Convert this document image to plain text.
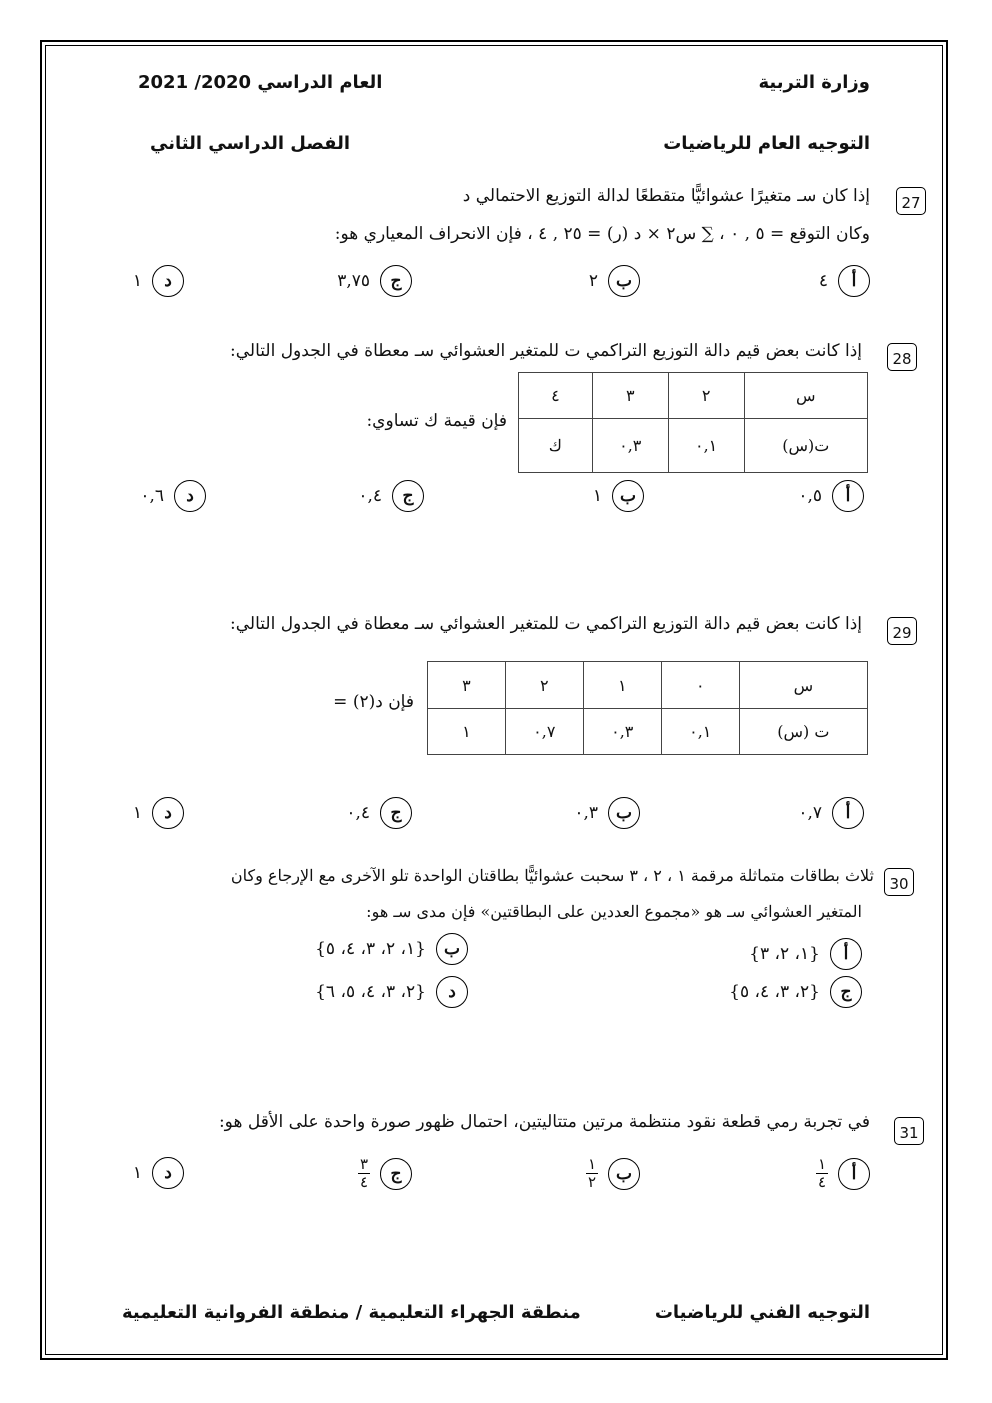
وزارة التربية
العام الدراسي 2020/ 2021
التوجيه العام للرياضيات
الفصل الدراسي الثاني
27
إذا كان سـ متغيرًا عشوائيًّا متقطعًا لدالة التوزيع الاحتمالي د
وكان التوقع = ٥ , ٠ ، ∑ س٢ × د (ر) = ٢٥ , ٤ ، فإن الانحراف المعياري هو:
أ
٤
ب
٢
ج
٣,٧٥
د
١
28
إذا كانت بعض قيم دالة التوزيع التراكمي ت للمتغير العشوائي سـ معطاة في الجدول التالي:
س	٢	٣	٤
ت(س)	٠,١	٠,٣	ك
فإن قيمة ك تساوي:
أ
٠,٥
ب
١
ج
٠,٤
د
٠,٦
29
إذا كانت بعض قيم دالة التوزيع التراكمي ت للمتغير العشوائي سـ معطاة في الجدول التالي:
س	٠	١	٢	٣
ت (س)	٠,١	٠,٣	٠,٧	١
فإن د(٢) =
أ
٠,٧
ب
٠,٣
ج
٠,٤
د
١
30
ثلاث بطاقات متماثلة مرقمة ١ ، ٢ ، ٣ سحبت عشوائيًّا بطاقتان الواحدة تلو الآخرى مع الإرجاع وكان
المتغير العشوائي سـ هو «مجموع العددين على البطاقتين» فإن مدى سـ هو:
أ
{١، ٢، ٣}
ب
{١، ٢، ٣، ٤، ٥}
ج
{٢، ٣، ٤، ٥}
د
{٢، ٣، ٤، ٥، ٦}
31
في تجربة رمي قطعة نقود منتظمة مرتين متتاليتين، احتمال ظهور صورة واحدة على الأقل هو:
أ
$\frac{١}{٤}$
ب
$\frac{١}{٢}$
ج
$\frac{٣}{٤}$
د
١
التوجيه الفني للرياضيات
منطقة الجهراء التعليمية / منطقة الفروانية التعليمية
